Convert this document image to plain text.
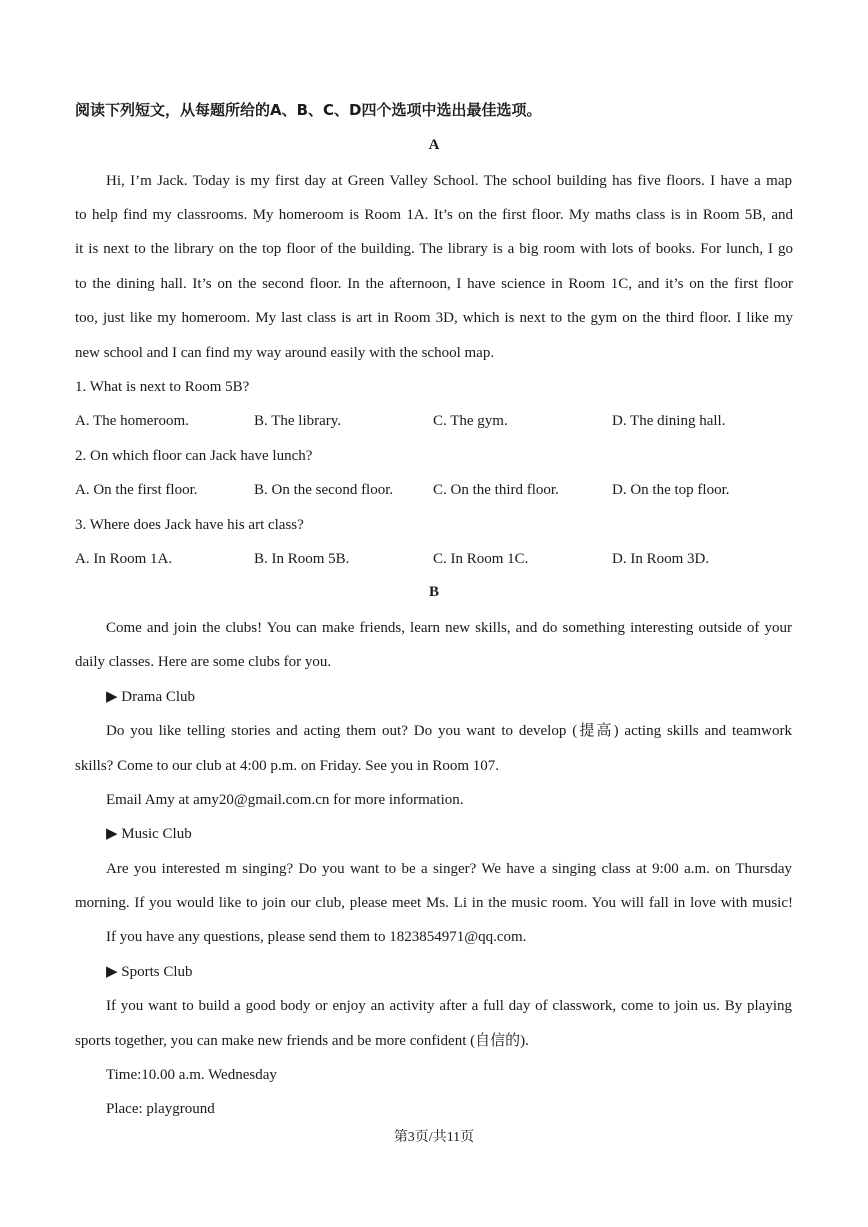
阅读下列短文，从每题所给的A、B、C、D四个选项中选出最佳选项。
A
Hi, I’m Jack. Today is my first day at Green Valley School. The school building has five floors. I have a map
to help find my classrooms. My homeroom is Room 1A. It’s on the first floor. My maths class is in Room 5B, and
it is next to the library on the top floor of the building. The library is a big room with lots of books. For lunch, I go
to the dining hall. It’s on the second floor. In the afternoon, I have science in Room 1C, and it’s on the first floor
too, just like my homeroom. My last class is art in Room 3D, which is next to the gym on the third floor. I like my
new school and I can find my way around easily with the school map.
1. What is next to Room 5B?
A. The homeroom.	B. The library.	C. The gym.	D. The dining hall.
2. On which floor can Jack have lunch?
A. On the first floor.	B. On the second floor.	C. On the third floor.	D. On the top floor.
3. Where does Jack have his art class?
A. In Room 1A.	B. In Room 5B.	C. In Room 1C.	D. In Room 3D.
B
Come and join the clubs! You can make friends, learn new skills, and do something interesting outside of your
daily classes. Here are some clubs for you.
▶ Drama Club
Do you like telling stories and acting them out? Do you want to develop (提高) acting skills and teamwork
skills? Come to our club at 4:00 p.m. on Friday. See you in Room 107.
Email Amy at amy20@gmail.com.cn for more information.
▶ Music Club
Are you interested m singing? Do you want to be a singer? We have a singing class at 9:00 a.m. on Thursday
morning. If you would like to join our club, please meet Ms. Li in the music room. You will fall in love with music!
If you have any questions, please send them to 1823854971@qq.com.
▶ Sports Club
If you want to build a good body or enjoy an activity after a full day of classwork, come to join us. By playing
sports together, you can make new friends and be more confident (自信的).
Time:10.00 a.m. Wednesday
Place: playground
第3页/共11页
